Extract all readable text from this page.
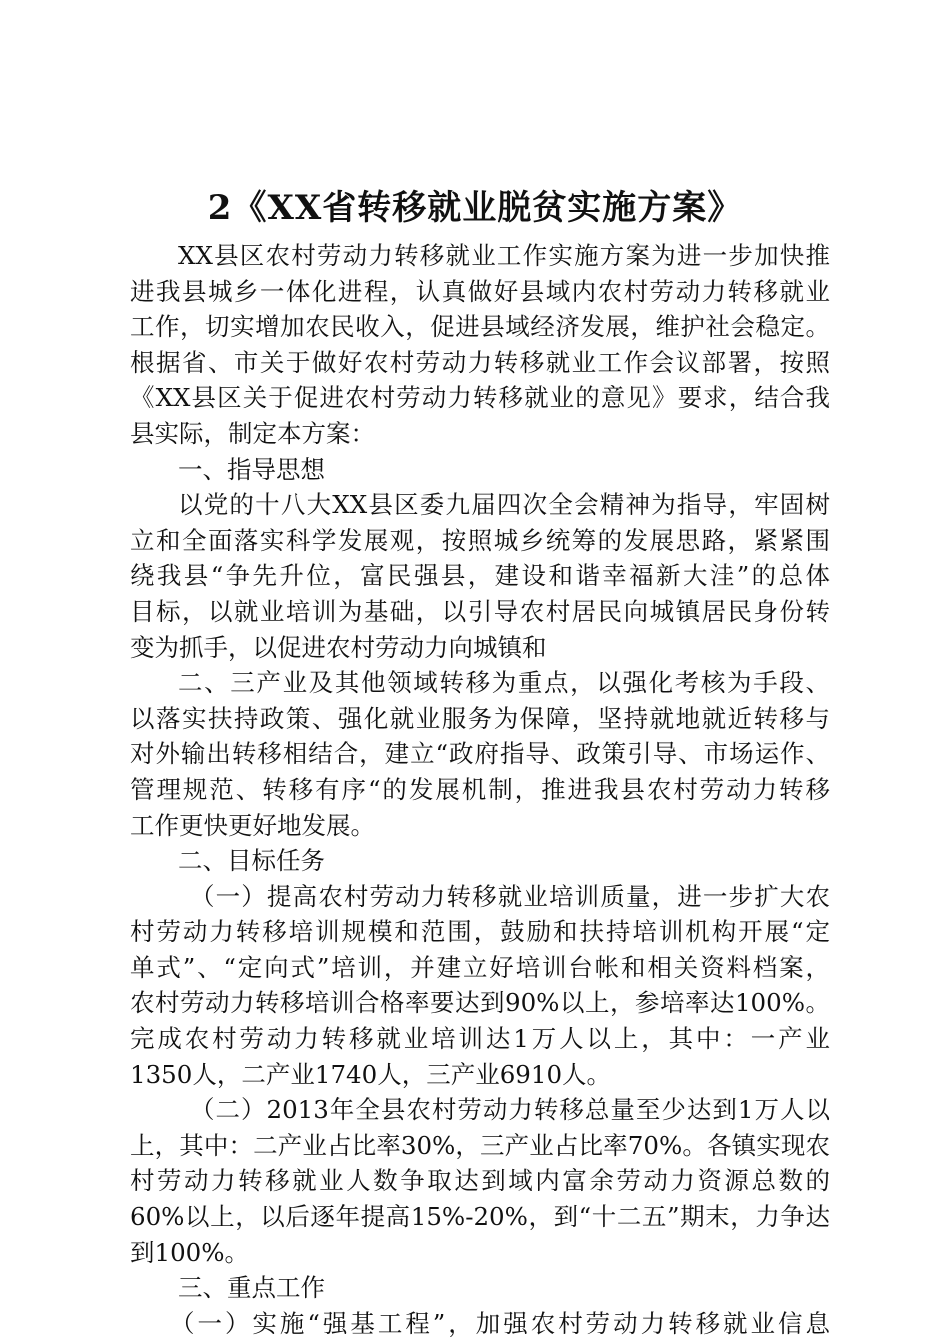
2《XX省转移就业脱贫实施方案》
XX县区农村劳动力转移就业工作实施方案为进一步加快推
进我县城乡一体化进程，认真做好县域内农村劳动力转移就业
工作，切实增加农民收入，促进县域经济发展，维护社会稳定。
根据省、市关于做好农村劳动力转移就业工作会议部署，按照
《XX县区关于促进农村劳动力转移就业的意见》要求，结合我
县实际，制定本方案：
一、指导思想
以党的十八大XX县区委九届四次全会精神为指导，牢固树
立和全面落实科学发展观，按照城乡统筹的发展思路，紧紧围
绕我县“争先升位，富民强县，建设和谐幸福新大洼”的总体
目标，以就业培训为基础，以引导农村居民向城镇居民身份转
变为抓手，以促进农村劳动力向城镇和
二、三产业及其他领域转移为重点，以强化考核为手段、
以落实扶持政策、强化就业服务为保障，坚持就地就近转移与
对外输出转移相结合，建立“政府指导、政策引导、市场运作、
管理规范、转移有序“的发展机制，推进我县农村劳动力转移
工作更快更好地发展。
二、目标任务
（一）提高农村劳动力转移就业培训质量，进一步扩大农
村劳动力转移培训规模和范围，鼓励和扶持培训机构开展“定
单式”、“定向式”培训，并建立好培训台帐和相关资料档案，
农村劳动力转移培训合格率要达到90%以上，参培率达100%。
完成农村劳动力转移就业培训达1万人以上，其中：一产业
1350人，二产业1740人，三产业6910人。
（二）2013年全县农村劳动力转移总量至少达到1万人以
上，其中：二产业占比率30%，三产业占比率70%。各镇实现农
村劳动力转移就业人数争取达到域内富余劳动力资源总数的
60%以上，以后逐年提高15%-20%，到“十二五”期末，力争达
到100%。
三、重点工作
（一）实施“强基工程”，加强农村劳动力转移就业信息
